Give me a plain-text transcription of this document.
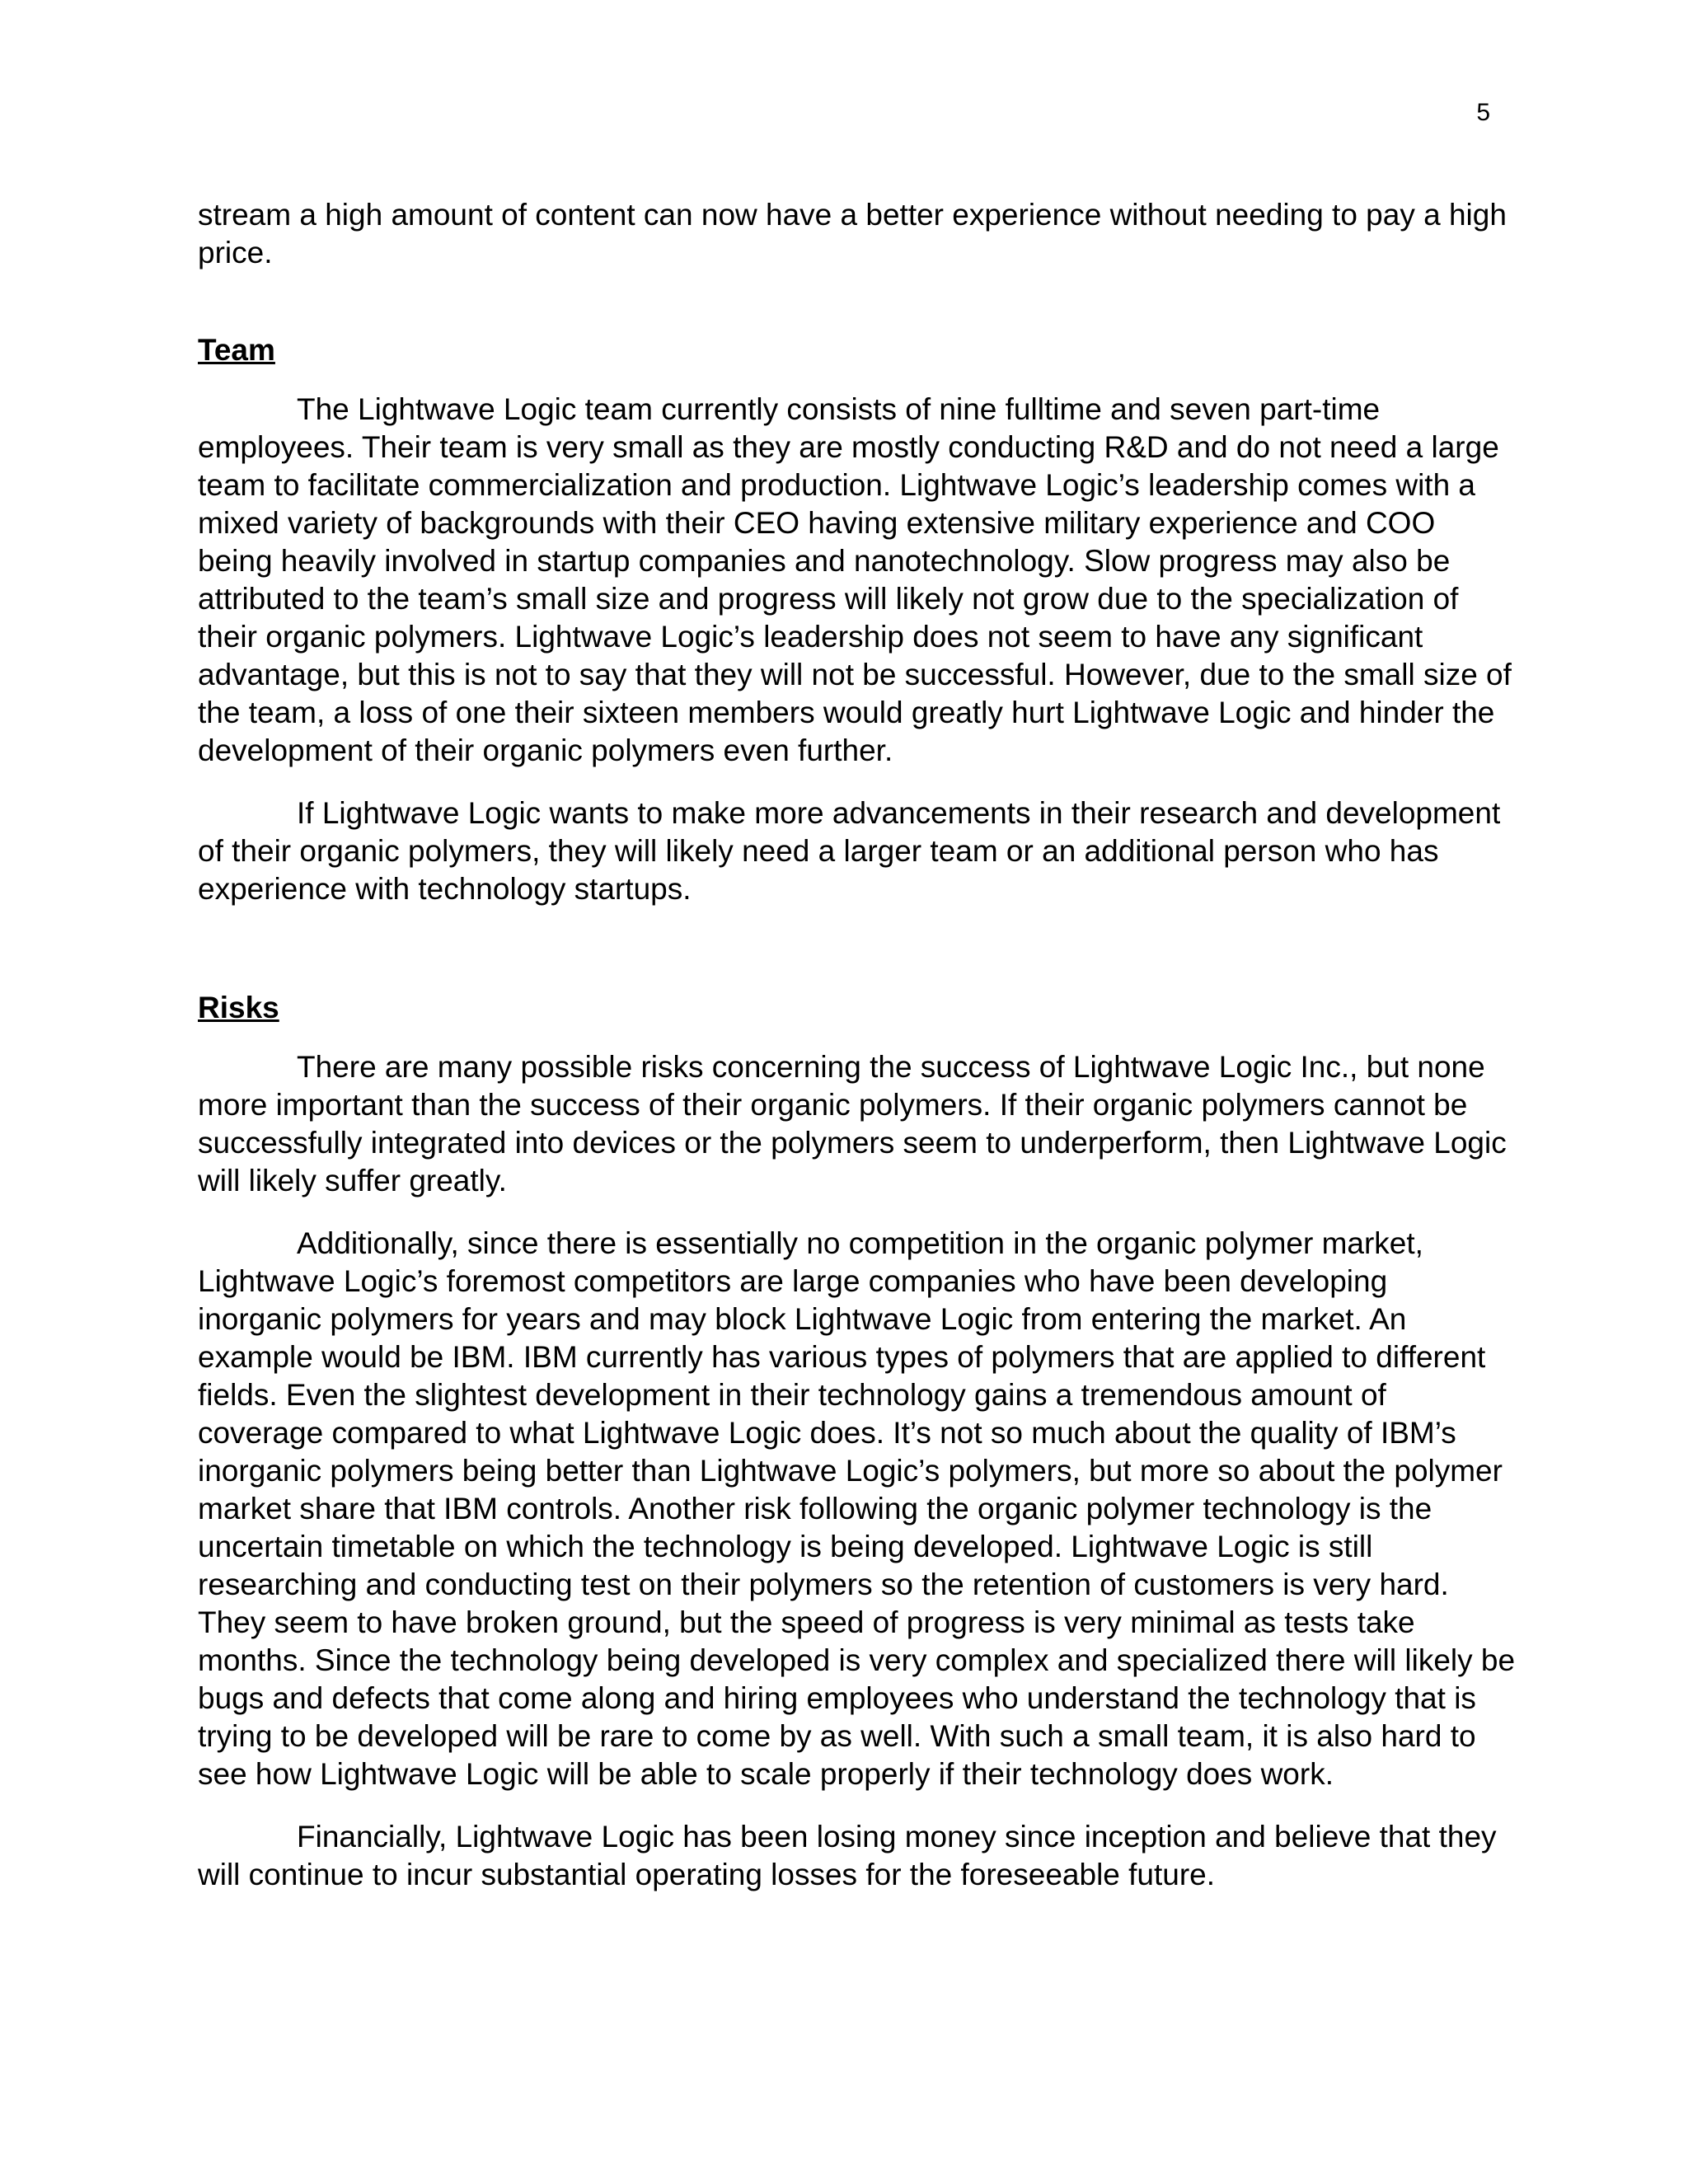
5

stream a high amount of content can now have a better experience without needing to pay a high price.

Team

The Lightwave Logic team currently consists of nine fulltime and seven part-time employees. Their team is very small as they are mostly conducting R&D and do not need a large team to facilitate commercialization and production. Lightwave Logic’s leadership comes with a mixed variety of backgrounds with their CEO having extensive military experience and COO being heavily involved in startup companies and nanotechnology. Slow progress may also be attributed to the team’s small size and progress will likely not grow due to the specialization of their organic polymers. Lightwave Logic’s leadership does not seem to have any significant advantage, but this is not to say that they will not be successful. However, due to the small size of the team, a loss of one their sixteen members would greatly hurt Lightwave Logic and hinder the development of their organic polymers even further.

If Lightwave Logic wants to make more advancements in their research and development of their organic polymers, they will likely need a larger team or an additional person who has experience with technology startups.

Risks

There are many possible risks concerning the success of Lightwave Logic Inc., but none more important than the success of their organic polymers. If their organic polymers cannot be successfully integrated into devices or the polymers seem to underperform, then Lightwave Logic will likely suffer greatly.

Additionally, since there is essentially no competition in the organic polymer market, Lightwave Logic’s foremost competitors are large companies who have been developing inorganic polymers for years and may block Lightwave Logic from entering the market. An example would be IBM. IBM currently has various types of polymers that are applied to different fields. Even the slightest development in their technology gains a tremendous amount of coverage compared to what Lightwave Logic does. It’s not so much about the quality of IBM’s inorganic polymers being better than Lightwave Logic’s polymers, but more so about the polymer market share that IBM controls. Another risk following the organic polymer technology is the uncertain timetable on which the technology is being developed. Lightwave Logic is still researching and conducting test on their polymers so the retention of customers is very hard. They seem to have broken ground, but the speed of progress is very minimal as tests take months. Since the technology being developed is very complex and specialized there will likely be bugs and defects that come along and hiring employees who understand the technology that is trying to be developed will be rare to come by as well. With such a small team, it is also hard to see how Lightwave Logic will be able to scale properly if their technology does work.

Financially, Lightwave Logic has been losing money since inception and believe that they will continue to incur substantial operating losses for the foreseeable future.
